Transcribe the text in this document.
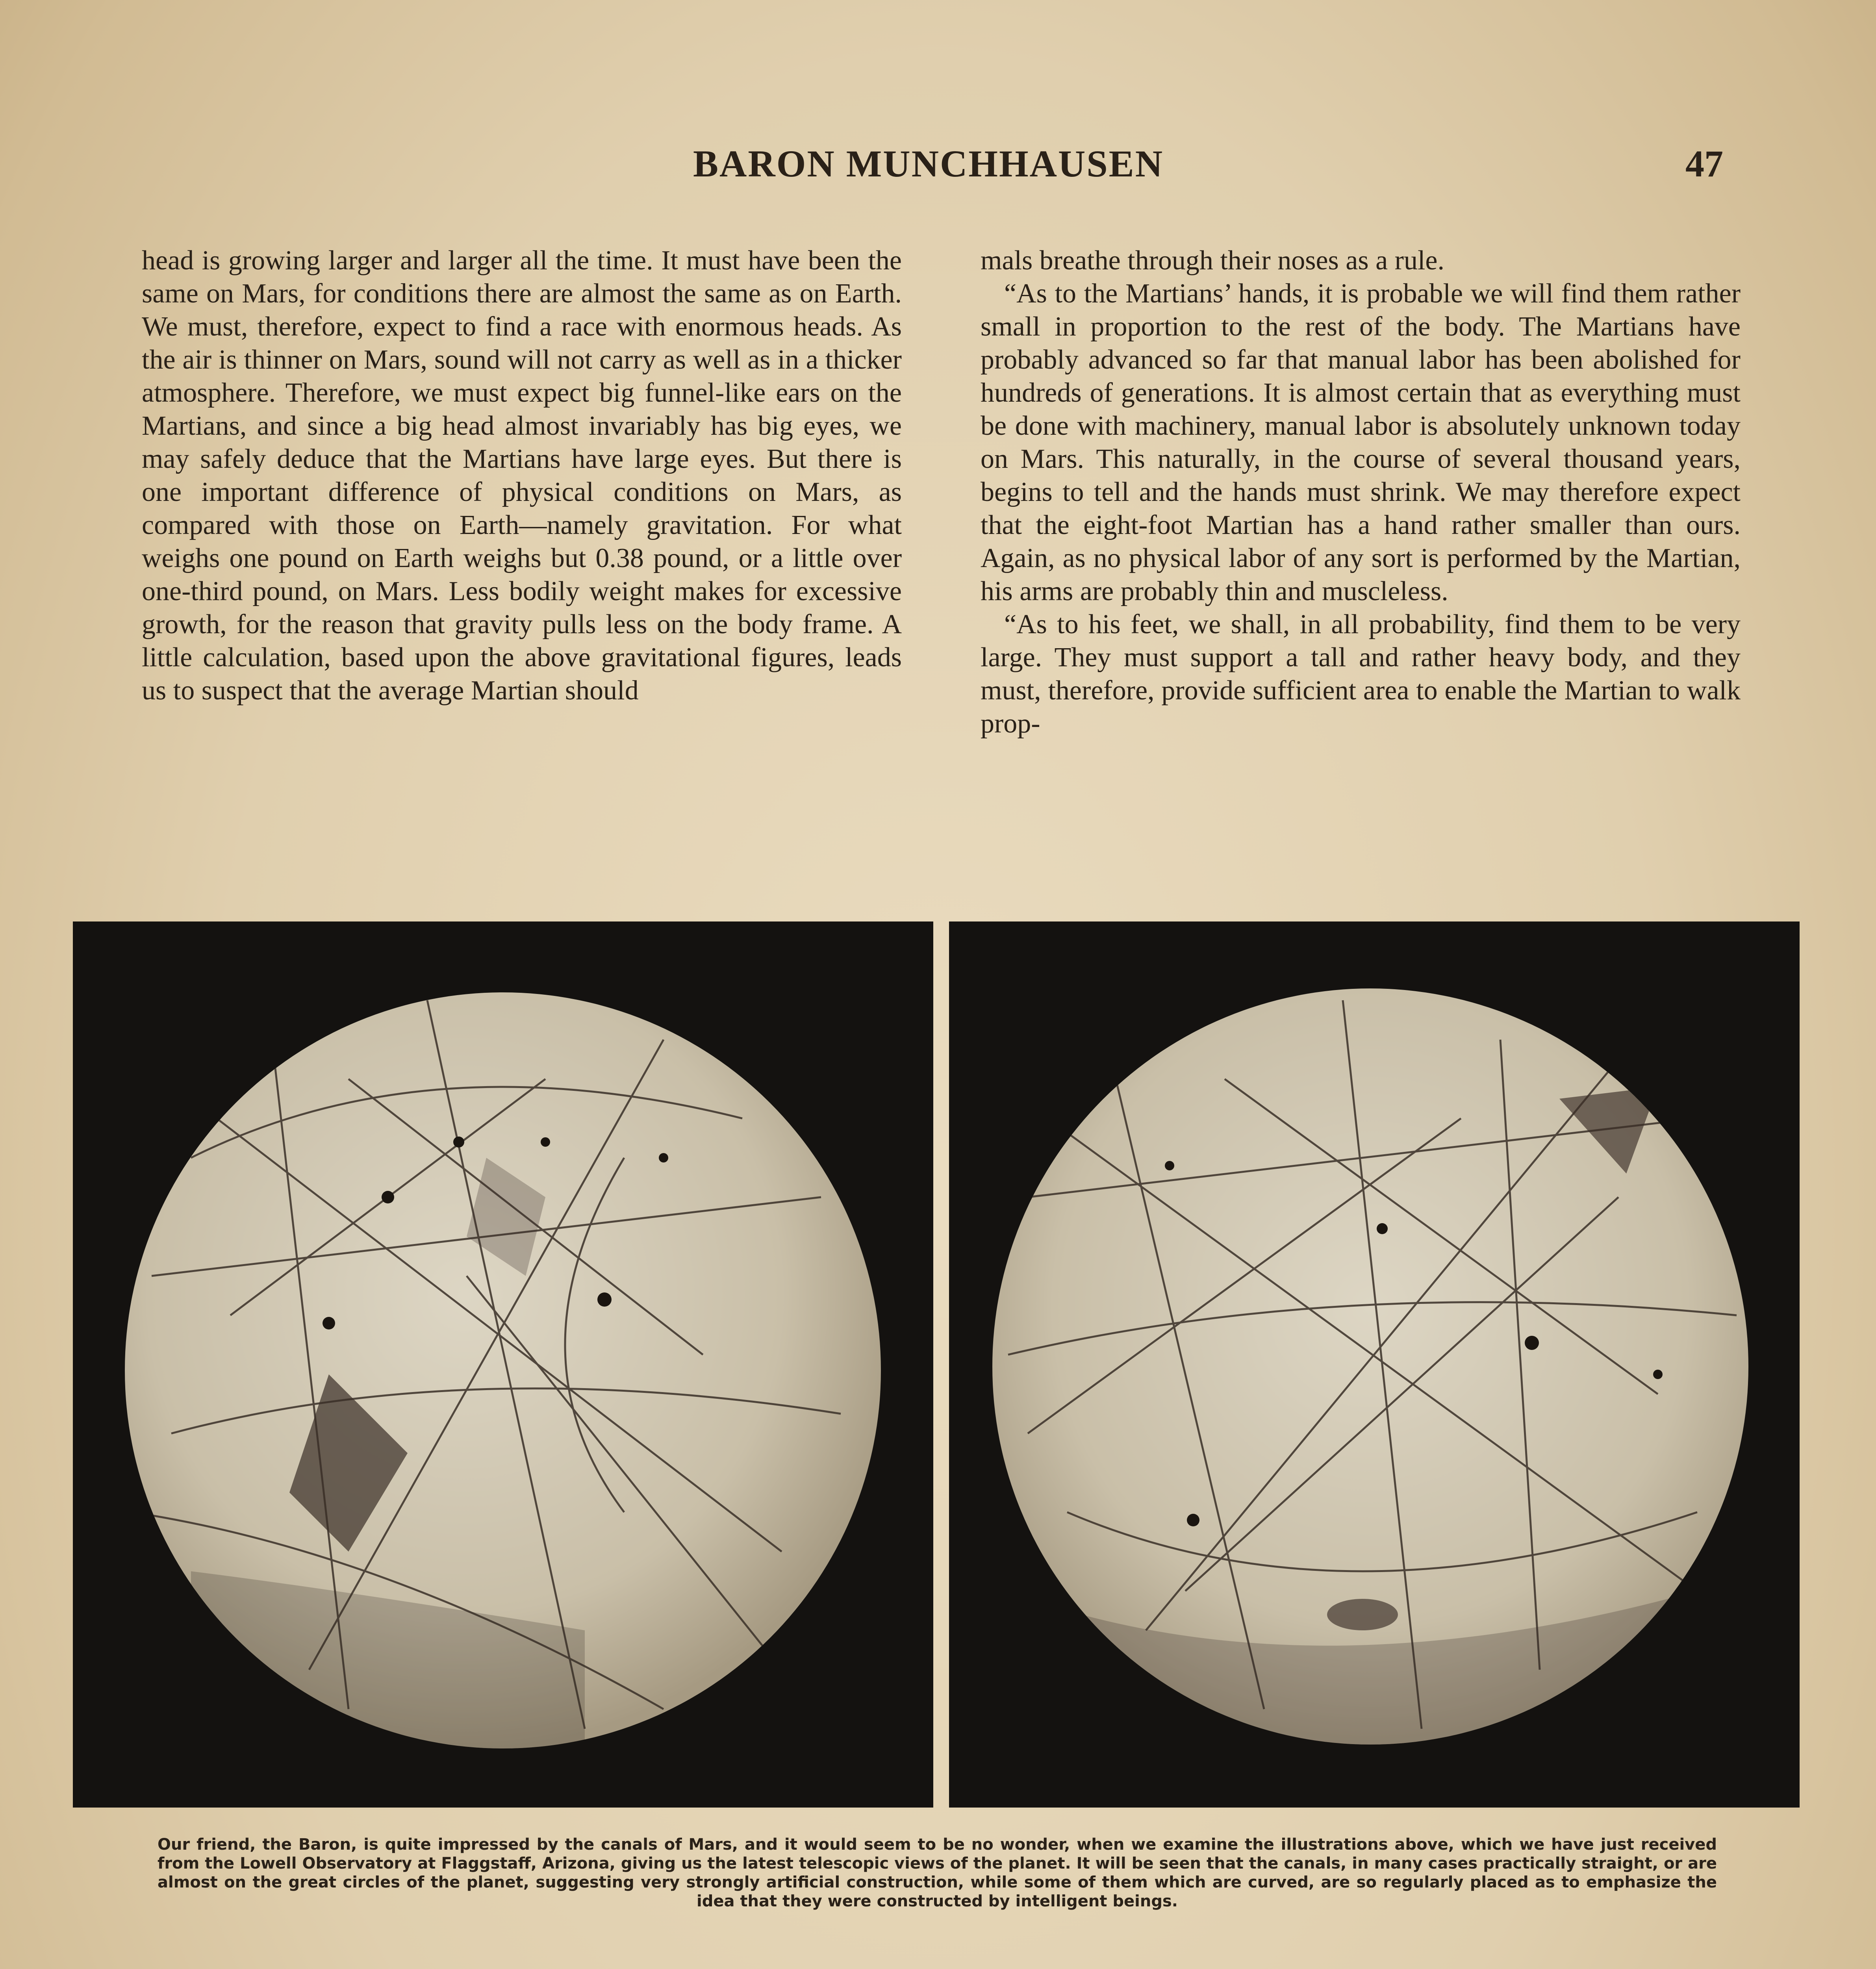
BARON MUNCHHAUSEN	47

head is growing larger and larger all the time. It must have been the same on Mars, for conditions there are almost the same as on Earth. We must, therefore, expect to find a race with enormous heads. As the air is thinner on Mars, sound will not carry as well as in a thicker atmosphere. Therefore, we must expect big funnel-like ears on the Martians, and since a big head almost invariably has big eyes, we may safely deduce that the Martians have large eyes. But there is one important difference of physical conditions on Mars, as compared with those on Earth—namely gravitation. For what weighs one pound on Earth weighs but 0.38 pound, or a little over one-third pound, on Mars. Less bodily weight makes for excessive growth, for the reason that gravity pulls less on the body frame. A little calculation, based upon the above gravitational figures, leads us to suspect that the average Martian should

mals breathe through their noses as a rule.

“As to the Martians’ hands, it is probable we will find them rather small in proportion to the rest of the body. The Martians have probably advanced so far that manual labor has been abolished for hundreds of generations. It is almost certain that as everything must be done with machinery, manual labor is absolutely unknown today on Mars. This naturally, in the course of several thousand years, begins to tell and the hands must shrink. We may therefore expect that the eight-foot Martian has a hand rather smaller than ours. Again, as no physical labor of any sort is performed by the Martian, his arms are probably thin and muscleless.

“As to his feet, we shall, in all probability, find them to be very large. They must support a tall and rather heavy body, and they must, therefore, provide sufficient area to enable the Martian to walk prop-

Our friend, the Baron, is quite impressed by the canals of Mars, and it would seem to be no wonder, when we examine the illustrations above, which we have just received from the Lowell Observatory at Flaggstaff, Arizona, giving us the latest telescopic views of the planet. It will be seen that the canals, in many cases practically straight, or are almost on the great circles of the planet, suggesting very strongly artificial construction, while some of them which are curved, are so regularly placed as to emphasize the idea that they were constructed by intelligent beings.
